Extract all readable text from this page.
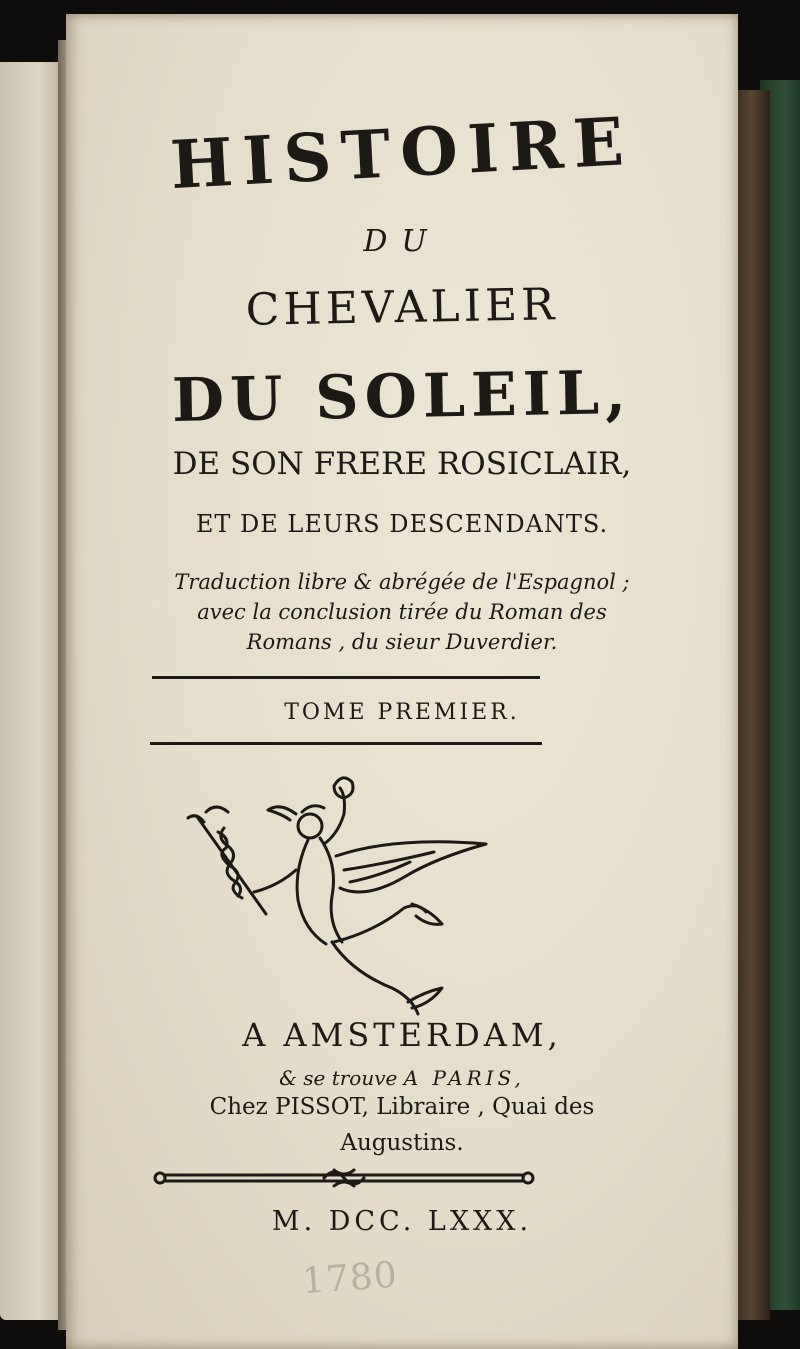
HISTOIRE
DU
CHEVALIER
DU SOLEIL,
DE SON FRERE ROSICLAIR,
ET DE LEURS DESCENDANTS.
Traduction libre & abrégée de l'Espagnol ;
avec la conclusion tirée du Roman des
Romans , du sieur Duverdier.
TOME PREMIER.
A AMSTERDAM,
& se trouve A PARIS,
Chez PISSOT, Libraire , Quai des
Augustins.
M. DCC. LXXX.
1780
